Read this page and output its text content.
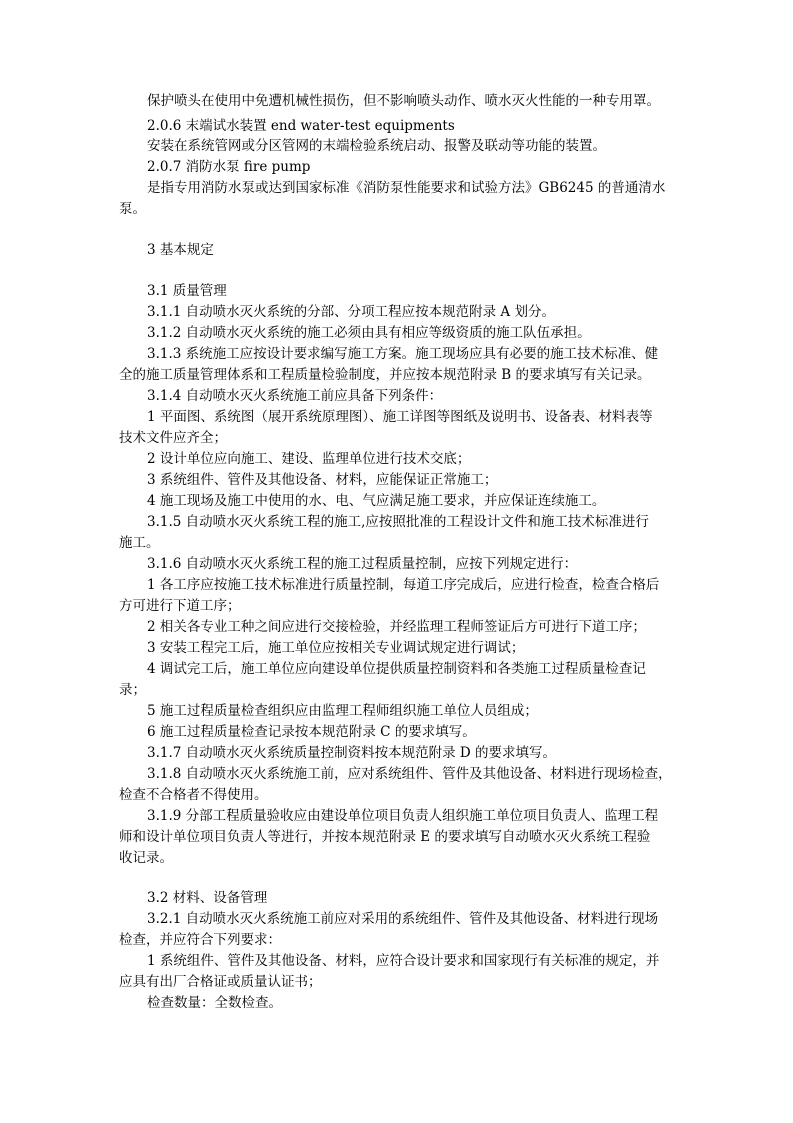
保护喷头在使用中免遭机械性损伤，但不影响喷头动作、喷水灭火性能的一种专用罩。
2.0.6 末端试水装置 end water-test equipments
安装在系统管网或分区管网的末端检验系统启动、报警及联动等功能的装置。
2.0.7 消防水泵 fire pump
是指专用消防水泵或达到国家标准《消防泵性能要求和试验方法》GB6245 的普通清水
泵。
3 基本规定
3.1 质量管理
3.1.1 自动喷水灭火系统的分部、分项工程应按本规范附录 A 划分。
3.1.2 自动喷水灭火系统的施工必须由具有相应等级资质的施工队伍承担。
3.1.3 系统施工应按设计要求编写施工方案。施工现场应具有必要的施工技术标准、健
全的施工质量管理体系和工程质量检验制度，并应按本规范附录 B 的要求填写有关记录。
3.1.4 自动喷水灭火系统施工前应具备下列条件：
1 平面图、系统图（展开系统原理图）、施工详图等图纸及说明书、设备表、材料表等
技术文件应齐全；
2 设计单位应向施工、建设、监理单位进行技术交底；
3 系统组件、管件及其他设备、材料，应能保证正常施工；
4 施工现场及施工中使用的水、电、气应满足施工要求，并应保证连续施工。
3.1.5 自动喷水灭火系统工程的施工,应按照批准的工程设计文件和施工技术标准进行
施工。
3.1.6 自动喷水灭火系统工程的施工过程质量控制，应按下列规定进行：
1 各工序应按施工技术标准进行质量控制，每道工序完成后，应进行检查，检查合格后
方可进行下道工序；
2 相关各专业工种之间应进行交接检验，并经监理工程师签证后方可进行下道工序；
3 安装工程完工后，施工单位应按相关专业调试规定进行调试；
4 调试完工后，施工单位应向建设单位提供质量控制资料和各类施工过程质量检查记
录；
5 施工过程质量检查组织应由监理工程师组织施工单位人员组成；
6 施工过程质量检查记录按本规范附录 C 的要求填写。
3.1.7 自动喷水灭火系统质量控制资料按本规范附录 D 的要求填写。
3.1.8 自动喷水灭火系统施工前，应对系统组件、管件及其他设备、材料进行现场检查，
检查不合格者不得使用。
3.1.9 分部工程质量验收应由建设单位项目负责人组织施工单位项目负责人、监理工程
师和设计单位项目负责人等进行，并按本规范附录 E 的要求填写自动喷水灭火系统工程验
收记录。
3.2 材料、设备管理
3.2.1 自动喷水灭火系统施工前应对采用的系统组件、管件及其他设备、材料进行现场
检查，并应符合下列要求：
1 系统组件、管件及其他设备、材料，应符合设计要求和国家现行有关标准的规定，并
应具有出厂合格证或质量认证书；
检查数量：全数检查。
